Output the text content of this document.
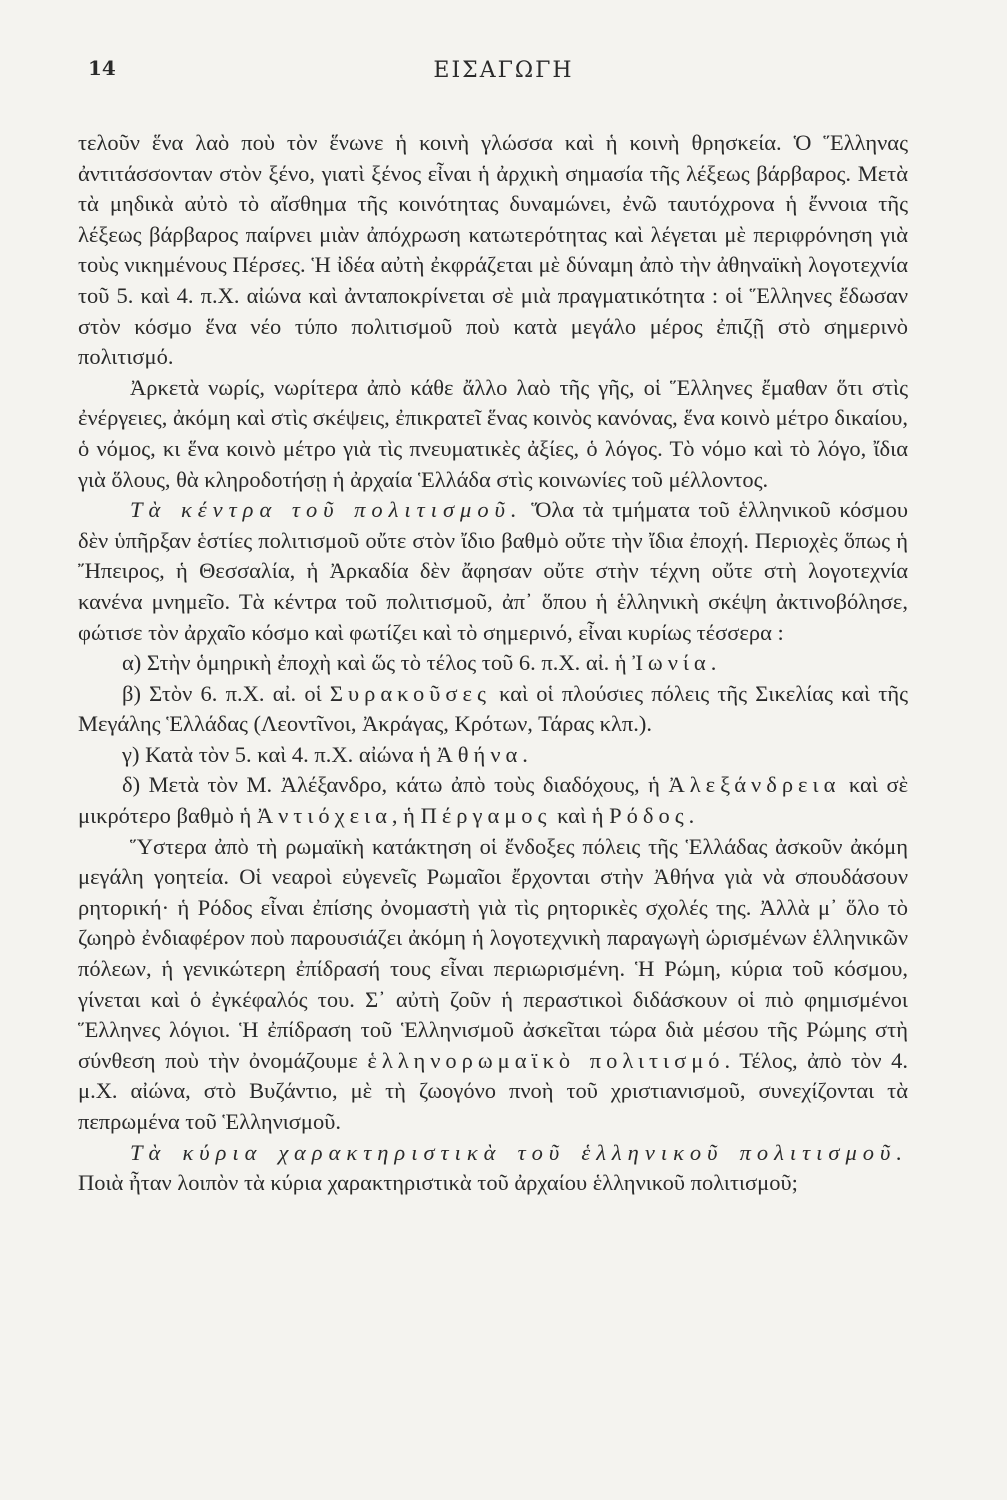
14	ΕΙΣΑΓΩΓΗ

τελοῦν ἕνα λαὸ ποὺ τὸν ἕνωνε ἡ κοινὴ γλώσσα καὶ ἡ κοινὴ θρησκεία. Ὁ Ἕλληνας ἀντιτάσσονταν στὸν ξένο, γιατὶ ξένος εἶναι ἡ ἀρχικὴ σημασία τῆς λέξεως βάρβαρος. Μετὰ τὰ μηδικὰ αὐτὸ τὸ αἴσθημα τῆς κοινότητας δυναμώνει, ἐνῶ ταυτόχρονα ἡ ἔννοια τῆς λέξεως βάρβαρος παίρνει μιὰν ἀπόχρωση κατωτερότητας καὶ λέγεται μὲ περιφρόνηση γιὰ τοὺς νικημένους Πέρσες. Ἡ ἰδέα αὐτὴ ἐκφράζεται μὲ δύναμη ἀπὸ τὴν ἀθηναϊκὴ λογοτεχνία τοῦ 5. καὶ 4. π.Χ. αἰώνα καὶ ἀνταποκρίνεται σὲ μιὰ πραγματικότητα : οἱ Ἕλληνες ἔδωσαν στὸν κόσμο ἕνα νέο τύπο πολιτισμοῦ ποὺ κατὰ μεγάλο μέρος ἐπιζῇ στὸ σημερινὸ πολιτισμό.

Ἀρκετὰ νωρίς, νωρίτερα ἀπὸ κάθε ἄλλο λαὸ τῆς γῆς, οἱ Ἕλληνες ἔμαθαν ὅτι στὶς ἐνέργειες, ἀκόμη καὶ στὶς σκέψεις, ἐπικρατεῖ ἕνας κοινὸς κανόνας, ἕνα κοινὸ μέτρο δικαίου, ὁ νόμος, κι ἕνα κοινὸ μέτρο γιὰ τὶς πνευματικὲς ἀξίες, ὁ λόγος. Τὸ νόμο καὶ τὸ λόγο, ἴδια γιὰ ὅλους, θὰ κληροδοτήσῃ ἡ ἀρχαία Ἑλλάδα στὶς κοινωνίες τοῦ μέλλοντος.

Τὰ κέντρα τοῦ πολιτισμοῦ. Ὅλα τὰ τμήματα τοῦ ἑλληνικοῦ κόσμου δὲν ὑπῆρξαν ἑστίες πολιτισμοῦ οὔτε στὸν ἴδιο βαθμὸ οὔτε τὴν ἴδια ἐποχή. Περιοχὲς ὅπως ἡ Ἤπειρος, ἡ Θεσσαλία, ἡ Ἀρκαδία δὲν ἄφησαν οὔτε στὴν τέχνη οὔτε στὴ λογοτεχνία κανένα μνημεῖο. Τὰ κέντρα τοῦ πολιτισμοῦ, ἀπ᾿ ὅπου ἡ ἑλληνικὴ σκέψη ἀκτινοβόλησε, φώτισε τὸν ἀρχαῖο κόσμο καὶ φωτίζει καὶ τὸ σημερινό, εἶναι κυρίως τέσσερα :

α) Στὴν ὁμηρικὴ ἐποχὴ καὶ ὥς τὸ τέλος τοῦ 6. π.Χ. αἰ. ἡ Ἰωνία.

β) Στὸν 6. π.Χ. αἰ. οἱ Συρακοῦσες καὶ οἱ πλούσιες πόλεις τῆς Σικελίας καὶ τῆς Μεγάλης Ἑλλάδας (Λεοντῖνοι, Ἀκράγας, Κρότων, Τάρας κλπ.).

γ) Κατὰ τὸν 5. καὶ 4. π.Χ. αἰώνα ἡ Ἀθήνα.

δ) Μετὰ τὸν Μ. Ἀλέξανδρο, κάτω ἀπὸ τοὺς διαδόχους, ἡ Ἀλεξάνδρεια καὶ σὲ μικρότερο βαθμὸ ἡ Ἀντιόχεια, ἡ Πέργαμος καὶ ἡ Ρόδος.

Ὕστερα ἀπὸ τὴ ρωμαϊκὴ κατάκτηση οἱ ἔνδοξες πόλεις τῆς Ἑλλάδας ἀσκοῦν ἀκόμη μεγάλη γοητεία. Οἱ νεαροὶ εὐγενεῖς Ρωμαῖοι ἔρχονται στὴν Ἀθήνα γιὰ νὰ σπουδάσουν ρητορική· ἡ Ρόδος εἶναι ἐπίσης ὀνομαστὴ γιὰ τὶς ρητορικὲς σχολές της. Ἀλλὰ μ᾿ ὅλο τὸ ζωηρὸ ἐνδιαφέρον ποὺ παρουσιάζει ἀκόμη ἡ λογοτεχνικὴ παραγωγὴ ὡρισμένων ἑλληνικῶν πόλεων, ἡ γενικώτερη ἐπίδρασή τους εἶναι περιωρισμένη. Ἡ Ρώμη, κύρια τοῦ κόσμου, γίνεται καὶ ὁ ἐγκέφαλός του. Σ᾿ αὐτὴ ζοῦν ἡ περαστικοὶ διδάσκουν οἱ πιὸ φημισμένοι Ἕλληνες λόγιοι. Ἡ ἐπίδραση τοῦ Ἑλληνισμοῦ ἀσκεῖται τώρα διὰ μέσου τῆς Ρώμης στὴ σύνθεση ποὺ τὴν ὀνομάζουμε ἑλληνορωμαϊκὸ πολιτισμό. Τέλος, ἀπὸ τὸν 4. μ.Χ. αἰώνα, στὸ Βυζάντιο, μὲ τὴ ζωογόνο πνοὴ τοῦ χριστιανισμοῦ, συνεχίζονται τὰ πεπρωμένα τοῦ Ἑλληνισμοῦ.

Τὰ κύρια χαρακτηριστικὰ τοῦ ἑλληνικοῦ πολιτισμοῦ. Ποιὰ ἦταν λοιπὸν τὰ κύρια χαρακτηριστικὰ τοῦ ἀρχαίου ἑλληνικοῦ πολιτισμοῦ;
